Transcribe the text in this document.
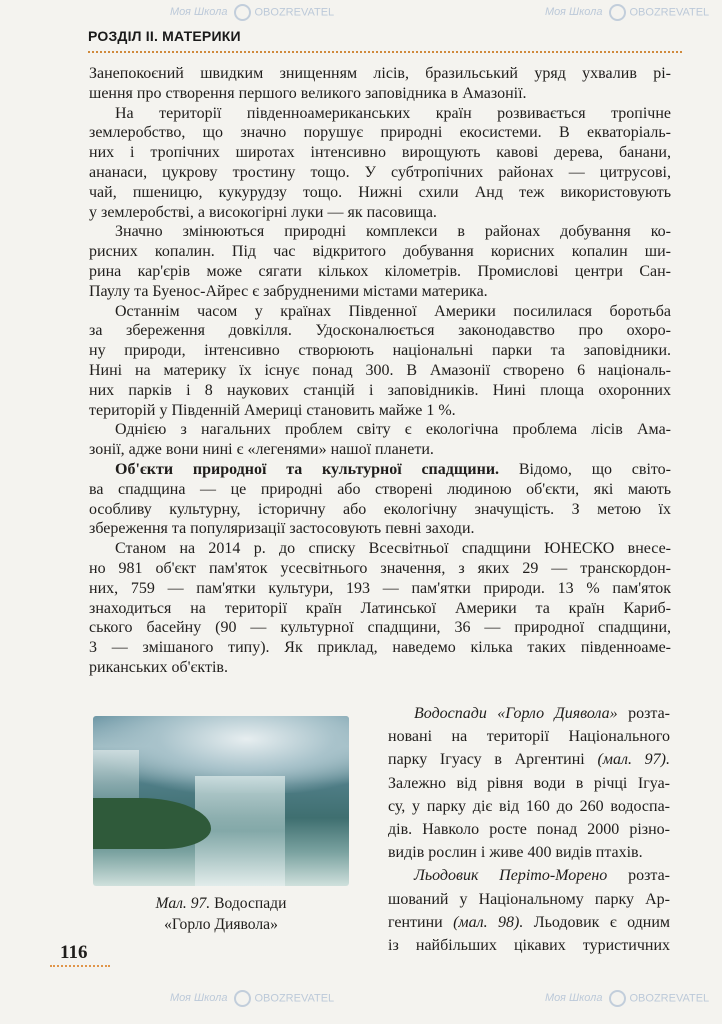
Моя Школа OBOZREVATEL	Моя Школа OBOZREVATEL
Моя Школа OBOZREVATEL	Моя Школа OBOZREVATEL
РОЗДІЛ ІІ. МАТЕРИКИ
Занепокоєний швидким знищенням лісів, бразильський уряд ухвалив рі-
шення про створення першого великого заповідника в Амазонії.
На території південноамериканських країн розвивається тропічне
землеробство, що значно порушує природні екосистеми. В екваторіаль-
них і тропічних широтах інтенсивно вирощують кавові дерева, банани,
ананаси, цукрову тростину тощо. У субтропічних районах — цитрусові,
чай, пшеницю, кукурудзу тощо. Нижні схили Анд теж використовують
у землеробстві, а високогірні луки — як пасовища.
Значно змінюються природні комплекси в районах добування ко-
рисних копалин. Під час відкритого добування корисних копалин ши-
рина кар'єрів може сягати кількох кілометрів. Промислові центри Сан-
Паулу та Буенос-Айрес є забрудненими містами материка.
Останнім часом у країнах Південної Америки посилилася боротьба
за збереження довкілля. Удосконалюється законодавство про охоро-
ну природи, інтенсивно створюють національні парки та заповідники.
Нині на материку їх існує понад 300. В Амазонії створено 6 національ-
них парків і 8 наукових станцій і заповідників. Нині площа охоронних
територій у Південній Америці становить майже 1 %.
Однією з нагальних проблем світу є екологічна проблема лісів Ама-
зонії, адже вони нині є «легенями» нашої планети.
Об'єкти природної та культурної спадщини. Відомо, що світо-
ва спадщина — це природні або створені людиною об'єкти, які мають
особливу культурну, історичну або екологічну значущість. З метою їх
збереження та популяризації застосовують певні заходи.
Станом на 2014 р. до списку Всесвітньої спадщини ЮНЕСКО внесе-
но 981 об'єкт пам'яток усесвітнього значення, з яких 29 — транскордон-
них, 759 — пам'ятки культури, 193 — пам'ятки природи. 13 % пам'яток
знаходиться на території країн Латинської Америки та країн Кариб-
ського басейну (90 — культурної спадщини, 36 — природної спадщини,
3 — змішаного типу). Як приклад, наведемо кілька таких південноаме-
риканських об'єктів.
Мал. 97. Водоспади
«Горло Диявола»
Водоспади «Горло Диявола» розта-
новані на території Національного
парку Ігуасу в Аргентині (мал. 97).
Залежно від рівня води в річці Ігуа-
су, у парку діє від 160 до 260 водоспа-
дів. Навколо росте понад 2000 різно-
видів рослин і живе 400 видів птахів.
Льодовик Періто-Морено розта-
шований у Національному парку Ар-
гентини (мал. 98). Льодовик є одним
із найбільших цікавих туристичних
116
